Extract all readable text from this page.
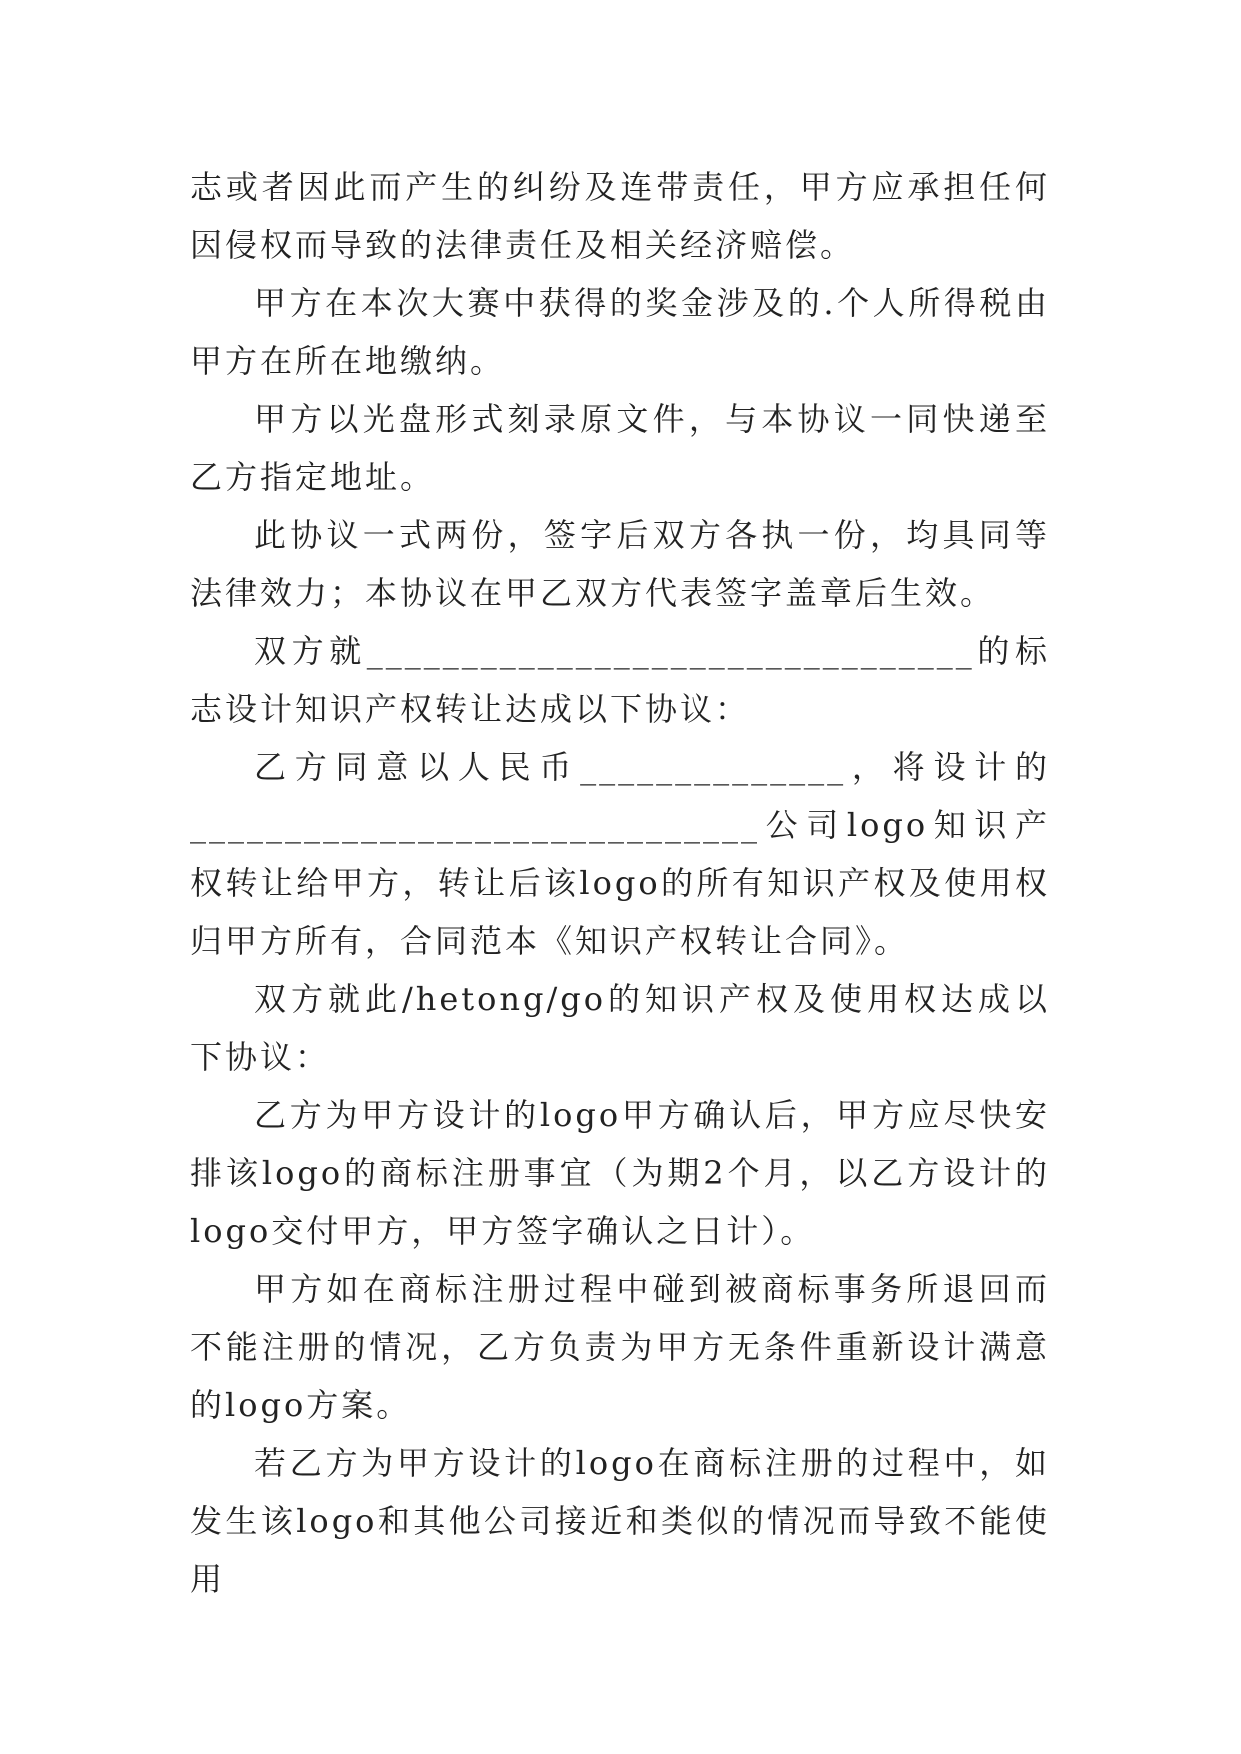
志或者因此而产生的纠纷及连带责任，甲方应承担任何因侵权而导致的法律责任及相关经济赔偿。

甲方在本次大赛中获得的奖金涉及的.个人所得税由甲方在所在地缴纳。

甲方以光盘形式刻录原文件，与本协议一同快递至乙方指定地址。

此协议一式两份，签字后双方各执一份，均具同等法律效力；本协议在甲乙双方代表签字盖章后生效。

双方就________________________________的标志设计知识产权转让达成以下协议：

乙方同意以人民币______________，将设计的

______________________________公司logo知识产权转让给甲方，转让后该logo的所有知识产权及使用权归甲方所有，合同范本《知识产权转让合同》。

双方就此/hetong/go的知识产权及使用权达成以下协议：

乙方为甲方设计的logo甲方确认后，甲方应尽快安排该logo的商标注册事宜（为期2个月，以乙方设计的logo交付甲方，甲方签字确认之日计）。

甲方如在商标注册过程中碰到被商标事务所退回而不能注册的情况，乙方负责为甲方无条件重新设计满意的logo方案。

若乙方为甲方设计的logo在商标注册的过程中，如发生该logo和其他公司接近和类似的情况而导致不能使用
